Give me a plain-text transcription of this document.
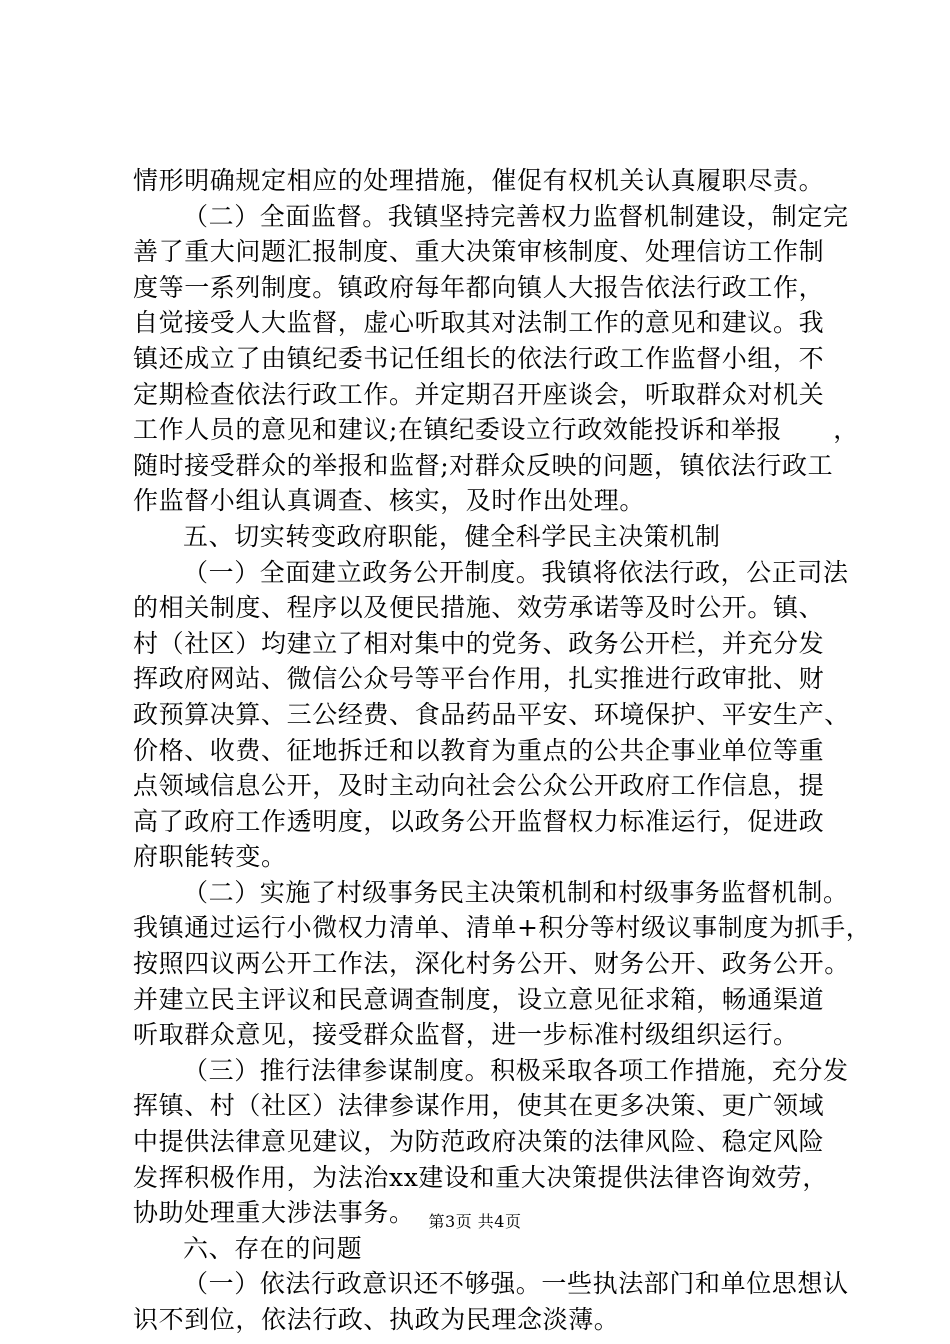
情形明确规定相应的处理措施，催促有权机关认真履职尽责。
（二）全面监督。我镇坚持完善权力监督机制建设，制定完
善了重大问题汇报制度、重大决策审核制度、处理信访工作制
度等一系列制度。镇政府每年都向镇人大报告依法行政工作，
自觉接受人大监督，虚心听取其对法制工作的意见和建议。我
镇还成立了由镇纪委书记任组长的依法行政工作监督小组，不
定期检查依法行政工作。并定期召开座谈会，听取群众对机关
工作人员的意见和建议;在镇纪委设立行政效能投诉和举报　　，
随时接受群众的举报和监督;对群众反映的问题，镇依法行政工
作监督小组认真调查、核实，及时作出处理。
五、切实转变政府职能，健全科学民主决策机制
（一）全面建立政务公开制度。我镇将依法行政，公正司法
的相关制度、程序以及便民措施、效劳承诺等及时公开。镇、
村（社区）均建立了相对集中的党务、政务公开栏，并充分发
挥政府网站、微信公众号等平台作用，扎实推进行政审批、财
政预算决算、三公经费、食品药品平安、环境保护、平安生产、
价格、收费、征地拆迁和以教育为重点的公共企事业单位等重
点领域信息公开，及时主动向社会公众公开政府工作信息，提
高了政府工作透明度，以政务公开监督权力标准运行，促进政
府职能转变。
（二）实施了村级事务民主决策机制和村级事务监督机制。
我镇通过运行小微权力清单、清单+积分等村级议事制度为抓手，
按照四议两公开工作法，深化村务公开、财务公开、政务公开。
并建立民主评议和民意调查制度，设立意见征求箱，畅通渠道
听取群众意见，接受群众监督，进一步标准村级组织运行。
（三）推行法律参谋制度。积极采取各项工作措施，充分发
挥镇、村（社区）法律参谋作用，使其在更多决策、更广领域
中提供法律意见建议，为防范政府决策的法律风险、稳定风险
发挥积极作用，为法治xx建设和重大决策提供法律咨询效劳，
协助处理重大涉法事务。
六、存在的问题
（一）依法行政意识还不够强。一些执法部门和单位思想认
识不到位，依法行政、执政为民理念淡薄。
第3页 共4页
